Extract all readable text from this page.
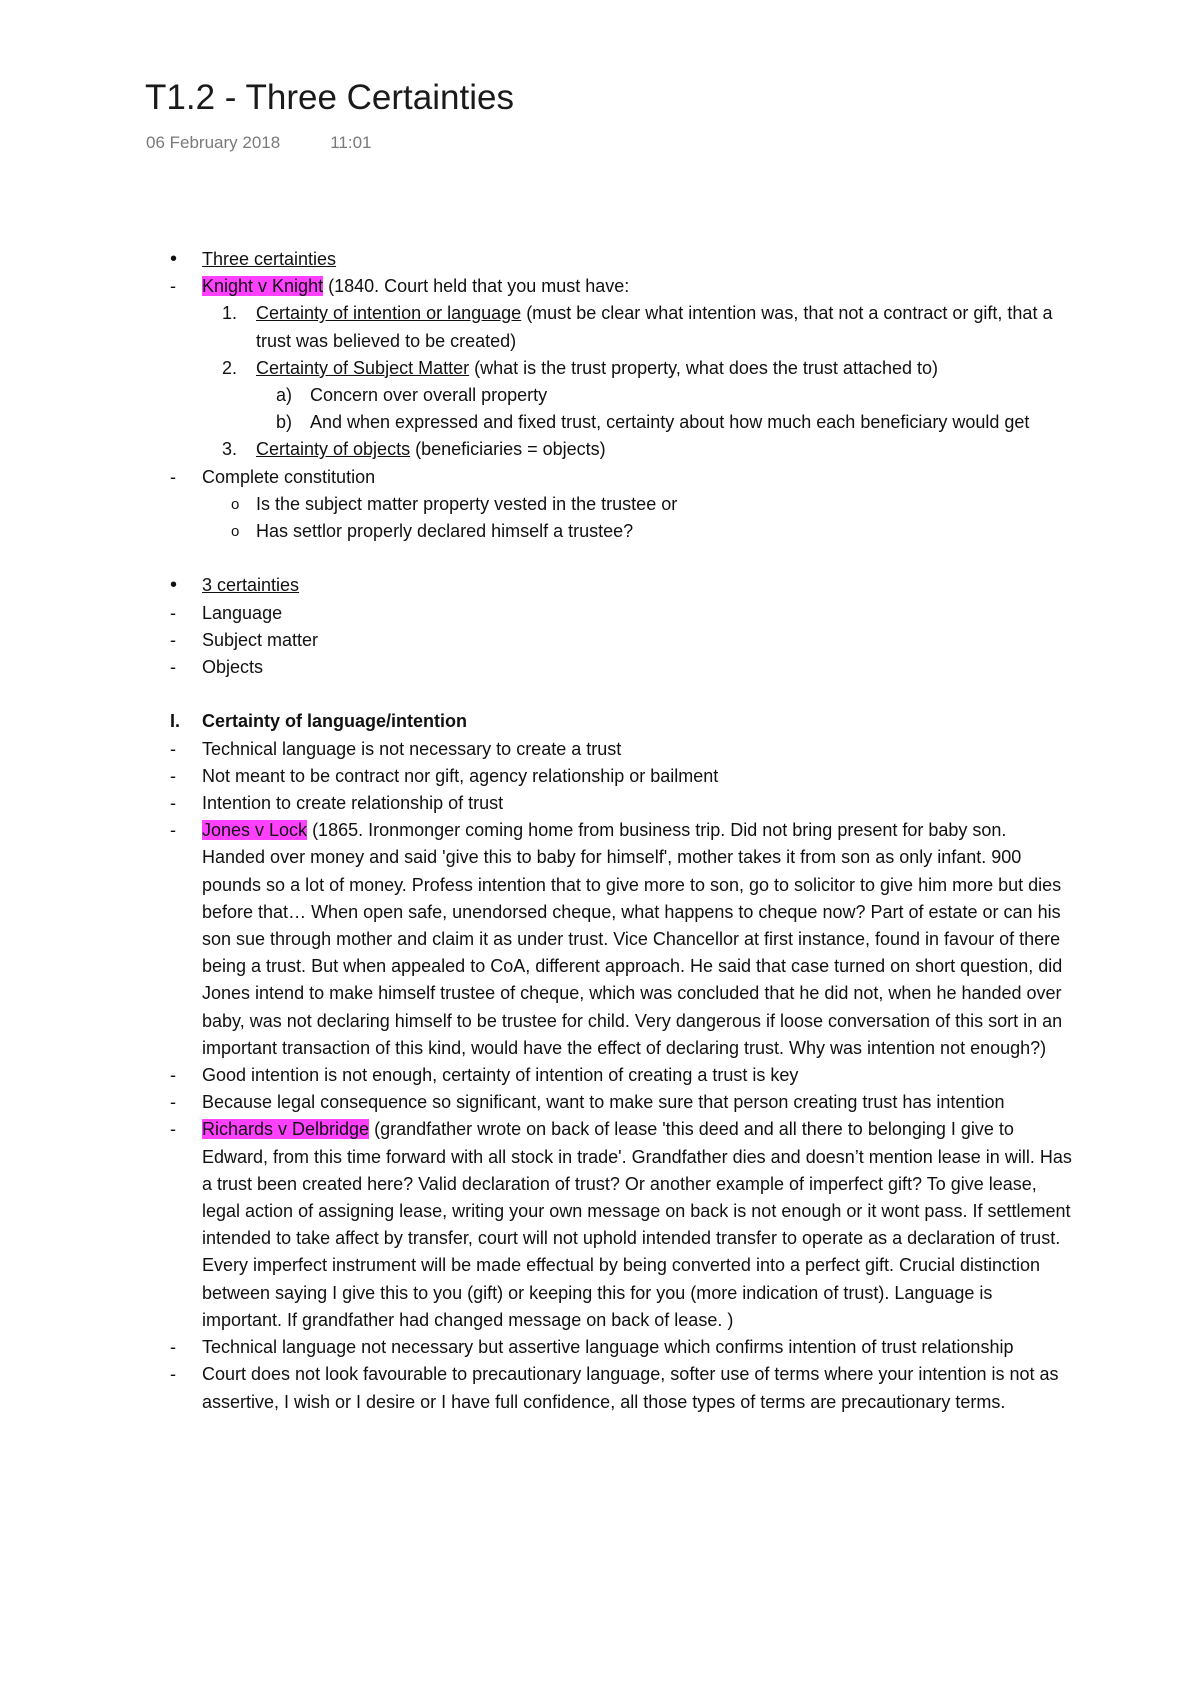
T1.2 - Three Certainties
06 February 2018	11:01
• Three certainties
- Knight v Knight (1840. Court held that you must have:
1. Certainty of intention or language (must be clear what intention was, that not a contract or gift, that a trust was believed to be created)
2. Certainty of Subject Matter (what is the trust property, what does the trust attached to)
a) Concern over overall property
b) And when expressed and fixed trust, certainty about how much each beneficiary would get
3. Certainty of objects (beneficiaries = objects)
- Complete constitution
o Is the subject matter property vested in the trustee or
o Has settlor properly declared himself a trustee?
• 3 certainties
- Language
- Subject matter
- Objects
I. Certainty of language/intention
- Technical language is not necessary to create a trust
- Not meant to be contract nor gift, agency relationship or bailment
- Intention to create relationship of trust
- Jones v Lock (1865. Ironmonger coming home from business trip. Did not bring present for baby son. Handed over money and said 'give this to baby for himself', mother takes it from son as only infant. 900 pounds so a lot of money. Profess intention that to give more to son, go to solicitor to give him more but dies before that… When open safe, unendorsed cheque, what happens to cheque now? Part of estate or can his son sue through mother and claim it as under trust. Vice Chancellor at first instance, found in favour of there being a trust. But when appealed to CoA, different approach. He said that case turned on short question, did Jones intend to make himself trustee of cheque, which was concluded that he did not, when he handed over baby, was not declaring himself to be trustee for child. Very dangerous if loose conversation of this sort in an important transaction of this kind, would have the effect of declaring trust. Why was intention not enough?)
- Good intention is not enough, certainty of intention of creating a trust is key
- Because legal consequence so significant, want to make sure that person creating trust has intention
- Richards v Delbridge (grandfather wrote on back of lease 'this deed and all there to belonging I give to Edward, from this time forward with all stock in trade'. Grandfather dies and doesn’t mention lease in will. Has a trust been created here? Valid declaration of trust? Or another example of imperfect gift? To give lease, legal action of assigning lease, writing your own message on back is not enough or it wont pass. If settlement intended to take affect by transfer, court will not uphold intended transfer to operate as a declaration of trust. Every imperfect instrument will be made effectual by being converted into a perfect gift. Crucial distinction between saying I give this to you (gift) or keeping this for you (more indication of trust). Language is important. If grandfather had changed message on back of lease. )
- Technical language not necessary but assertive language which confirms intention of trust relationship
- Court does not look favourable to precautionary language, softer use of terms where your intention is not as assertive, I wish or I desire or I have full confidence, all those types of terms are precautionary terms.
